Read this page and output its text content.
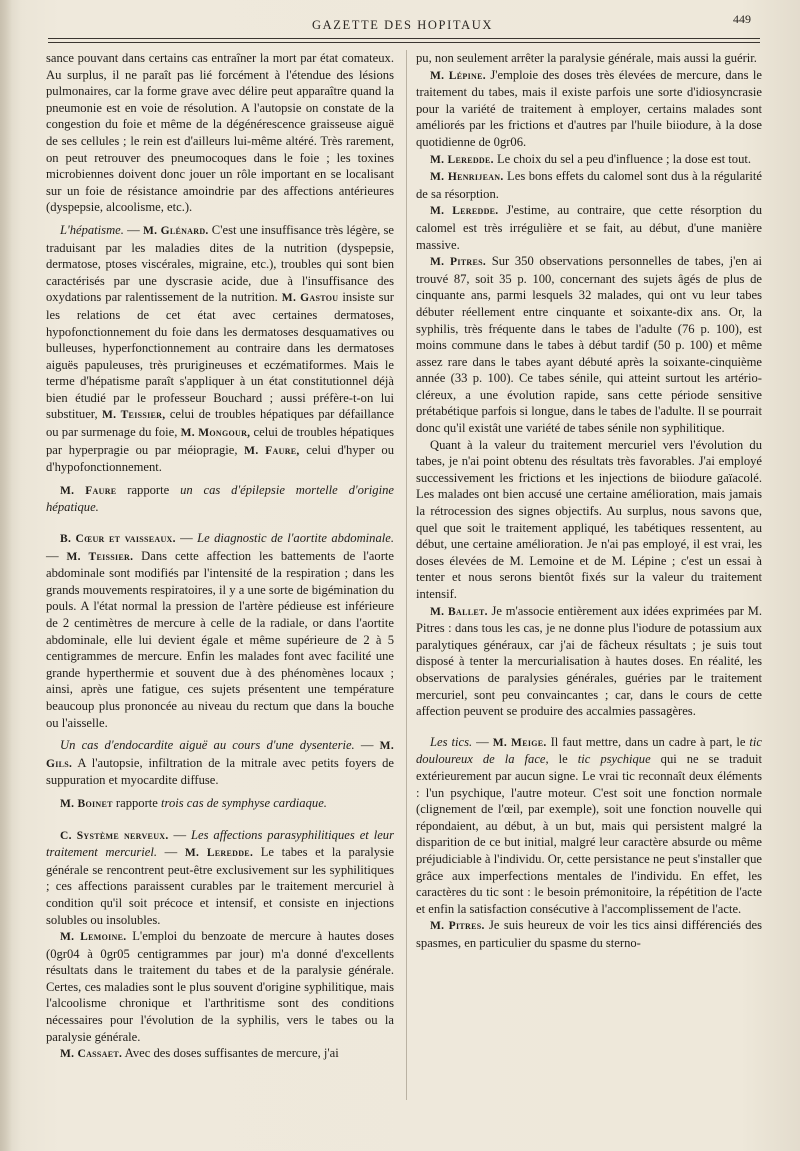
GAZETTE DES HOPITAUX	449

sance pouvant dans certains cas entraîner la mort par état comateux. Au surplus, il ne paraît pas lié forcément à l'étendue des lésions pulmonaires, car la forme grave avec délire peut apparaître quand la pneumonie est en voie de résolution. A l'autopsie on constate de la congestion du foie et même de la dégénérescence graisseuse aiguë de ses cellules ; le rein est d'ailleurs lui-même altéré. Très rarement, on peut retrouver des pneumocoques dans le foie ; les toxines microbiennes doivent donc jouer un rôle important en se localisant sur un foie de résistance amoindrie par des affections antérieures (dyspepsie, alcoolisme, etc.).

L'hépatisme. — M. Glénard. C'est une insuffisance très légère, se traduisant par les maladies dites de la nutrition (dyspepsie, dermatose, ptoses viscérales, migraine, etc.), troubles qui sont bien caractérisés par une dyscrasie acide, due à l'insuffisance des oxydations par ralentissement de la nutrition. M. Gastou insiste sur les relations de cet état avec certaines dermatoses, hypofonctionnement du foie dans les dermatoses desquamatives ou bulleuses, hyperfonctionnement au contraire dans les dermatoses aiguës papuleuses, très prurigineuses et eczématiformes. Mais le terme d'hépatisme paraît s'appliquer à un état constitutionnel déjà bien étudié par le professeur Bouchard ; aussi préfère-t-on lui substituer, M. Teissier, celui de troubles hépatiques par défaillance ou par surmenage du foie, M. Mongour, celui de troubles hépatiques par hyperpragie ou par méiopragie, M. Faure, celui d'hyper ou d'hypofonctionnement.

M. Faure rapporte un cas d'épilepsie mortelle d'origine hépatique.

B. Cœur et vaisseaux. — Le diagnostic de l'aortite abdominale. — M. Teissier. Dans cette affection les battements de l'aorte abdominale sont modifiés par l'intensité de la respiration ; dans les grands mouvements respiratoires, il y a une sorte de bigémination du pouls. A l'état normal la pression de l'artère pédieuse est inférieure de 2 centimètres de mercure à celle de la radiale, or dans l'aortite abdominale, elle lui devient égale et même supérieure de 2 à 5 centigrammes de mercure. Enfin les malades font avec facilité une grande hyperthermie et souvent due à des phénomènes locaux ; ainsi, après une fatigue, ces sujets présentent une température beaucoup plus prononcée au niveau du rectum que dans la bouche ou l'aisselle.

Un cas d'endocardite aiguë au cours d'une dysenterie. — M. Gils. A l'autopsie, infiltration de la mitrale avec petits foyers de suppuration et myocardite diffuse.

M. Boinet rapporte trois cas de symphyse cardiaque.

C. Système nerveux. — Les affections parasyphilitiques et leur traitement mercuriel. — M. Leredde. Le tabes et la paralysie générale se rencontrent peut-être exclusivement sur les syphilitiques ; ces affections paraissent curables par le traitement mercuriel à condition qu'il soit précoce et intensif, et consiste en injections solubles ou insolubles.

M. Lemoine. L'emploi du benzoate de mercure à hautes doses (0gr04 à 0gr05 centigrammes par jour) m'a donné d'excellents résultats dans le traitement du tabes et de la paralysie générale. Certes, ces maladies sont le plus souvent d'origine syphilitique, mais l'alcoolisme chronique et l'arthritisme sont des conditions nécessaires pour l'évolution de la syphilis, vers le tabes ou la paralysie générale.

M. Cassaet. Avec des doses suffisantes de mercure, j'ai

pu, non seulement arrêter la paralysie générale, mais aussi la guérir.

M. Lépine. J'emploie des doses très élevées de mercure, dans le traitement du tabes, mais il existe parfois une sorte d'idiosyncrasie pour la variété de traitement à employer, certains malades sont améliorés par les frictions et d'autres par l'huile biiodure, à la dose quotidienne de 0gr06.

M. Leredde. Le choix du sel a peu d'influence ; la dose est tout.

M. Henrijean. Les bons effets du calomel sont dus à la régularité de sa résorption.

M. Leredde. J'estime, au contraire, que cette résorption du calomel est très irrégulière et se fait, au début, d'une manière massive.

M. Pitres. Sur 350 observations personnelles de tabes, j'en ai trouvé 87, soit 35 p. 100, concernant des sujets âgés de plus de cinquante ans, parmi lesquels 32 malades, qui ont vu leur tabes débuter réellement entre cinquante et soixante-dix ans. Or, la syphilis, très fréquente dans le tabes de l'adulte (76 p. 100), est moins commune dans le tabes à début tardif (50 p. 100) et même assez rare dans le tabes ayant débuté après la soixante-cinquième année (33 p. 100). Ce tabes sénile, qui atteint surtout les artério-cléreux, a une évolution rapide, sans cette période sensitive prétabétique parfois si longue, dans le tabes de l'adulte. Il se pourrait donc qu'il existât une variété de tabes sénile non syphilitique.

Quant à la valeur du traitement mercuriel vers l'évolution du tabes, je n'ai point obtenu des résultats très favorables. J'ai employé successivement les frictions et les injections de biiodure gaïacolé. Les malades ont bien accusé une certaine amélioration, mais jamais la rétrocession des signes objectifs. Au surplus, nous savons que, quel que soit le traitement appliqué, les tabétiques ressentent, au début, une certaine amélioration. Je n'ai pas employé, il est vrai, les doses élevées de M. Lemoine et de M. Lépine ; c'est un essai à tenter et nous serons bientôt fixés sur la valeur du traitement intensif.

M. Ballet. Je m'associe entièrement aux idées exprimées par M. Pitres : dans tous les cas, je ne donne plus l'iodure de potassium aux paralytiques généraux, car j'ai de fâcheux résultats ; je suis tout disposé à tenter la mercurialisation à hautes doses. En réalité, les observations de paralysies générales, guéries par le traitement mercuriel, sont peu convaincantes ; car, dans le cours de cette affection peuvent se produire des accalmies passagères.

Les tics. — M. Meige. Il faut mettre, dans un cadre à part, le tic douloureux de la face, le tic psychique qui ne se traduit extérieurement par aucun signe. Le vrai tic reconnaît deux éléments : l'un psychique, l'autre moteur. C'est soit une fonction normale (clignement de l'œil, par exemple), soit une fonction nouvelle qui répondaient, au début, à un but, mais qui persistent malgré la disparition de ce but initial, malgré leur caractère absurde ou même préjudiciable à l'individu. Or, cette persistance ne peut s'installer que grâce aux imperfections mentales de l'individu. En effet, les caractères du tic sont : le besoin prémonitoire, la répétition de l'acte et enfin la satisfaction consécutive à l'accomplissement de l'acte.

M. Pitres. Je suis heureux de voir les tics ainsi différenciés des spasmes, en particulier du spasme du sterno-
